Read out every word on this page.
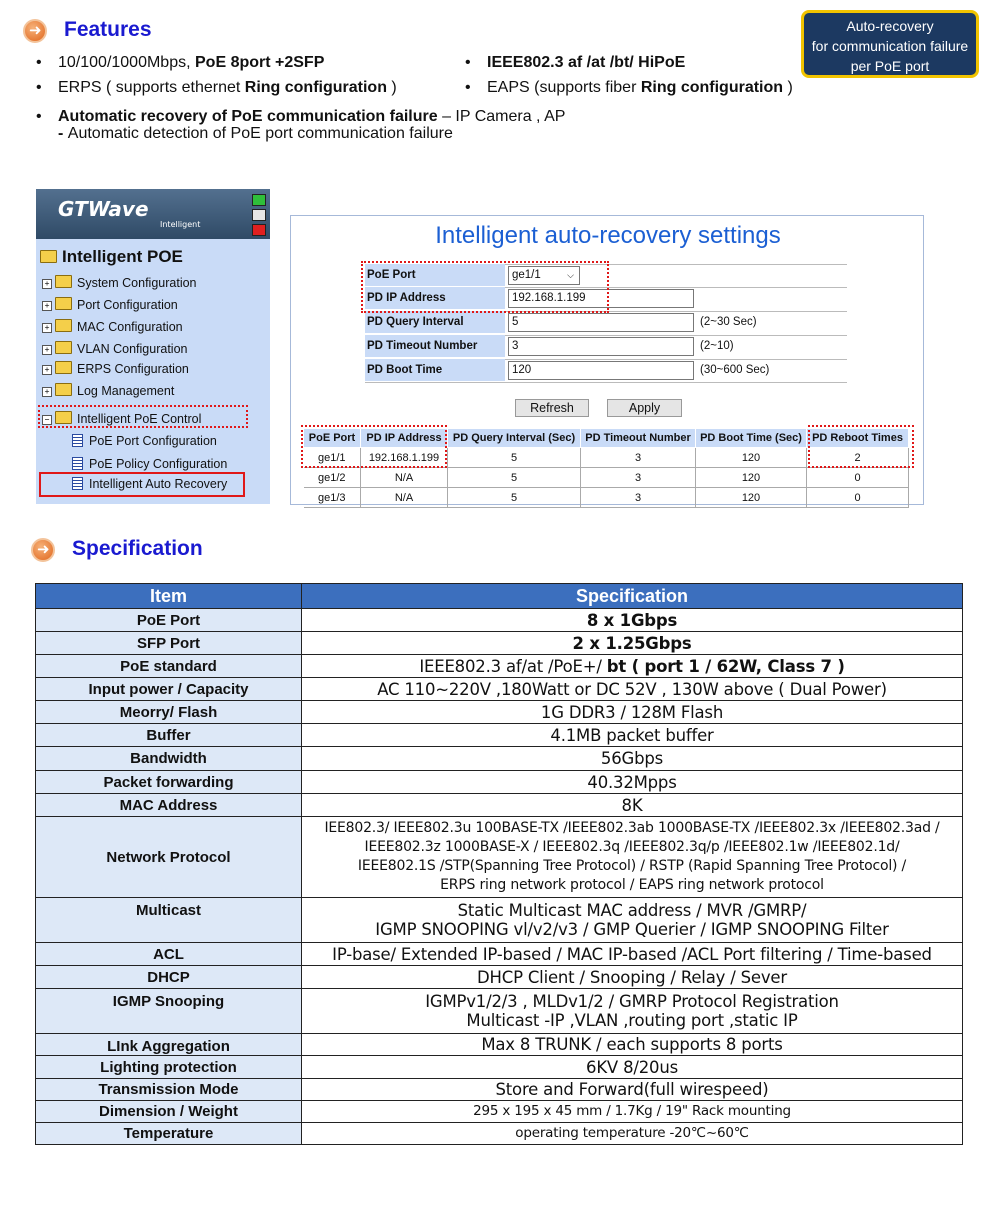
➜
Features	Auto-recovery
for communication failure
per PoE port
• 10/100/1000Mbps, PoE 8port +2SFP	• IEEE802.3 af /at /bt/ HiPoE
• ERPS ( supports ethernet Ring configuration )	• EAPS (supports fiber Ring configuration )
• Automatic recovery of PoE communication failure – IP Camera , AP
- Automatic detection of PoE port communication failure
GTWave
Intelligent
Intelligent POE
+ System Configuration
+ Port Configuration
+ MAC Configuration
+ VLAN Configuration
+ ERPS Configuration
+ Log Management
− Intelligent PoE Control
PoE Port Configuration
PoE Policy Configuration
Intelligent Auto Recovery
Intelligent auto-recovery settings
PoE Port	ge1/1	⌵
PD IP Address	192.168.1.199
PD Query Interval	5	(2~30 Sec)
PD Timeout Number	3	(2~10)
PD Boot Time	120	(30~600 Sec)
Refresh	Apply
PoE Port	PD IP Address	PD Query Interval (Sec)	PD Timeout Number	PD Boot Time (Sec)	PD Reboot Times
ge1/1	192.168.1.199	5	3	120	2
ge1/2	N/A	5	3	120	0
ge1/3	N/A	5	3	120	0
➜
Specification
Item	Specification
PoE Port	8 x 1Gbps
SFP Port	2 x 1.25Gbps
PoE standard	IEEE802.3 af/at /PoE+/ bt ( port 1 / 62W, Class 7 )
Input power / Capacity	AC 110~220V ,180Watt or DC 52V , 130W above ( Dual Power)
Meorry/ Flash	1G DDR3 / 128M Flash
Buffer	4.1MB packet buffer
Bandwidth	56Gbps
Packet forwarding	40.32Mpps
MAC Address	8K
Network Protocol	IEE802.3/ IEEE802.3u 100BASE-TX /IEEE802.3ab 1000BASE-TX /IEEE802.3x /IEEE802.3ad /
IEEE802.3z 1000BASE-X / IEEE802.3q /IEEE802.3q/p /IEEE802.1w /IEEE802.1d/
IEEE802.1S /STP(Spanning Tree Protocol) / RSTP (Rapid Spanning Tree Protocol) /
ERPS ring network protocol / EAPS ring network protocol

Multicast	Static Multicast MAC address / MVR /GMRP/
IGMP SNOOPING vl/v2/v3 / GMP Querier / IGMP SNOOPING Filter

ACL	IP-base/ Extended IP-based / MAC IP-based /ACL Port filtering / Time-based
DHCP	DHCP Client / Snooping / Relay / Sever
IGMP Snooping	IGMPv1/2/3 , MLDv1/2 / GMRP Protocol Registration
Multicast -IP ,VLAN ,routing port ,static IP

LInk Aggregation	Max 8 TRUNK / each supports 8 ports
Lighting protection	6KV 8/20us
Transmission Mode	Store and Forward(full wirespeed)
Dimension / Weight	295 x 195 x 45 mm / 1.7Kg / 19" Rack mounting
Temperature	operating temperature -20℃~60℃
